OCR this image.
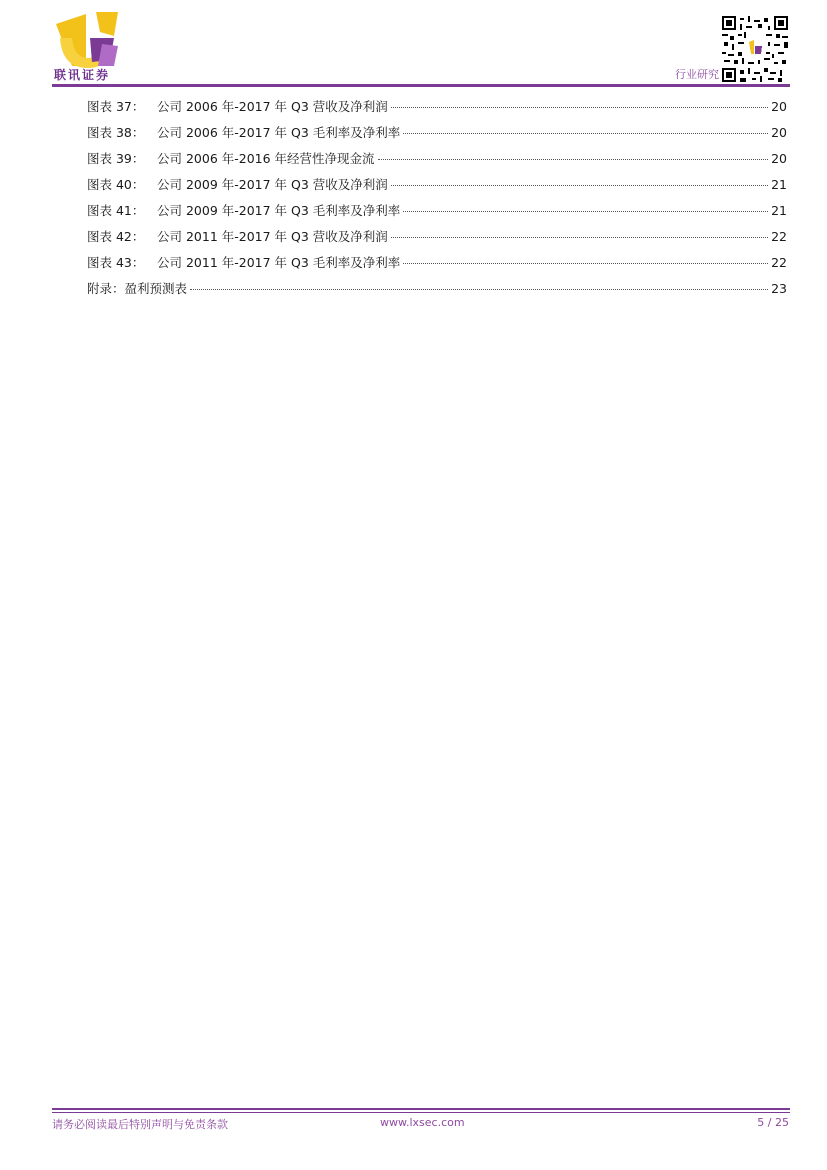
联讯证券	行业研究
图表 37： 公司 2006 年-2017 年 Q3 营收及净利润	20
图表 38： 公司 2006 年-2017 年 Q3 毛利率及净利率	20
图表 39： 公司 2006 年-2016 年经营性净现金流	20
图表 40： 公司 2009 年-2017 年 Q3 营收及净利润	21
图表 41： 公司 2009 年-2017 年 Q3 毛利率及净利率	21
图表 42： 公司 2011 年-2017 年 Q3 营收及净利润	22
图表 43： 公司 2011 年-2017 年 Q3 毛利率及净利率	22
附录：盈利预测表	23
请务必阅读最后特别声明与免责条款	www.lxsec.com	5 / 25
